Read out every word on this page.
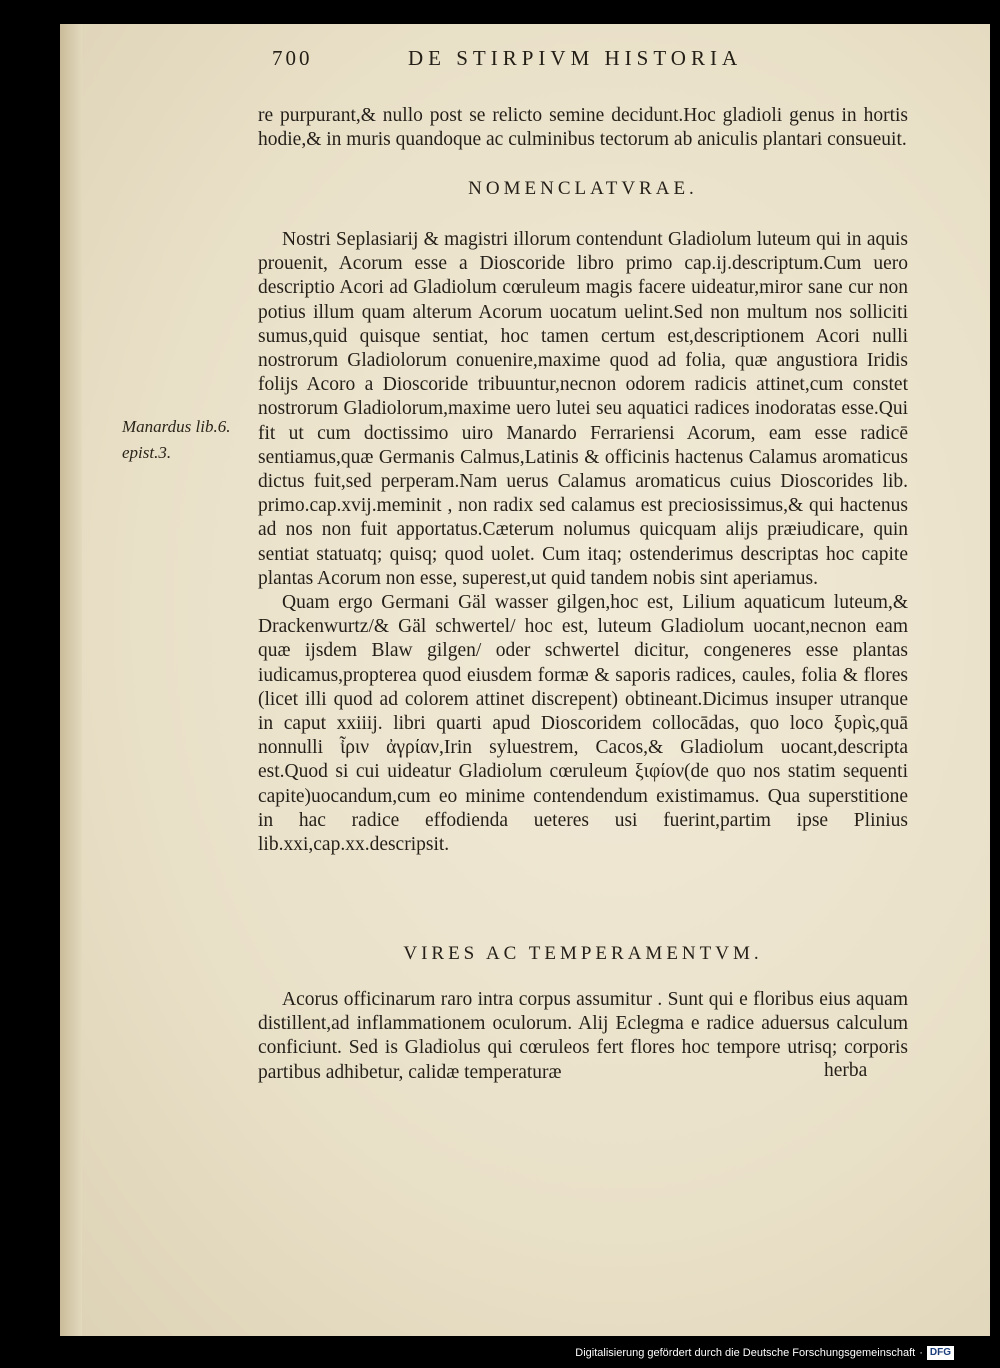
700	DE STIRPIVM HISTORIA

re purpurant,& nullo post se relicto semine decidunt.Hoc gladioli genus in hortis hodie,& in muris quandoque ac culminibus tectorum ab aniculis plantari consueuit.

NOMENCLATVRAE.

Nostri Seplasiarij & magistri illorum contendunt Gladiolum luteum qui in aquis prouenit, Acorum esse a Dioscoride libro primo cap.ij.descriptum.Cum uero descriptio Acori ad Gladiolum cœruleum magis facere uideatur,miror sane cur non potius illum quam alterum Acorum uocatum uelint.Sed non multum nos solliciti sumus,quid quisque sentiat, hoc tamen certum est,descriptionem Acori nulli nostrorum Gladiolorum conuenire,maxime quod ad folia, quæ angustiora Iridis folijs Acoro a Dioscoride tribuuntur,necnon odorem radicis attinet,cum constet nostrorum Gladiolorum,maxime uero lutei seu aquatici radices inodoratas esse.Qui fit ut cum doctissimo uiro Manardo Ferrariensi Acorum, eam esse radicē sentiamus,quæ Germanis Calmus,Latinis & officinis hactenus Calamus aromaticus dictus fuit,sed perperam.Nam uerus Calamus aromaticus cuius Dioscorides lib. primo.cap.xvij.meminit , non radix sed calamus est preciosissimus,& qui hactenus ad nos non fuit apportatus.Cæterum nolumus quicquam alijs præiudicare, quin sentiat statuatq; quisq; quod uolet. Cum itaq; ostenderimus descriptas hoc capite plantas Acorum non esse, superest,ut quid tandem nobis sint aperiamus.

Quam ergo Germani Gäl wasser gilgen,hoc est, Lilium aquaticum luteum,& Drackenwurtz/& Gäl schwertel/ hoc est, luteum Gladiolum uocant,necnon eam quæ ijsdem Blaw gilgen/ oder schwertel dicitur, congeneres esse plantas iudicamus,propterea quod eiusdem formæ & saporis radices, caules, folia & flores (licet illi quod ad colorem attinet discrepent) obtineant.Dicimus insuper utranque in caput xxiiij. libri quarti apud Dioscoridem collocādas, quo loco ξυρὶς,quā nonnulli ἶριν ἀγρίαν,Irin syluestrem, Cacos,& Gladiolum uocant,descripta est.Quod si cui uideatur Gladiolum cœruleum ξιφίον(de quo nos statim sequenti capite)uocandum,cum eo minime contendendum existimamus. Qua superstitione in hac radice effodienda ueteres usi fuerint,partim ipse Plinius lib.xxi,cap.xx.descripsit.

Manardus lib.6. epist.3.
VIRES AC TEMPERAMENTVM.

Acorus officinarum raro intra corpus assumitur . Sunt qui e floribus eius aquam distillent,ad inflammationem oculorum. Alij Eclegma e radice aduersus calculum conficiunt. Sed is Gladiolus qui cœruleos fert flores hoc tempore utrisq; corporis partibus adhibetur, calidæ temperaturæ	herba
Digitalisierung gefördert durch die Deutsche Forschungsgemeinschaft · DFG
